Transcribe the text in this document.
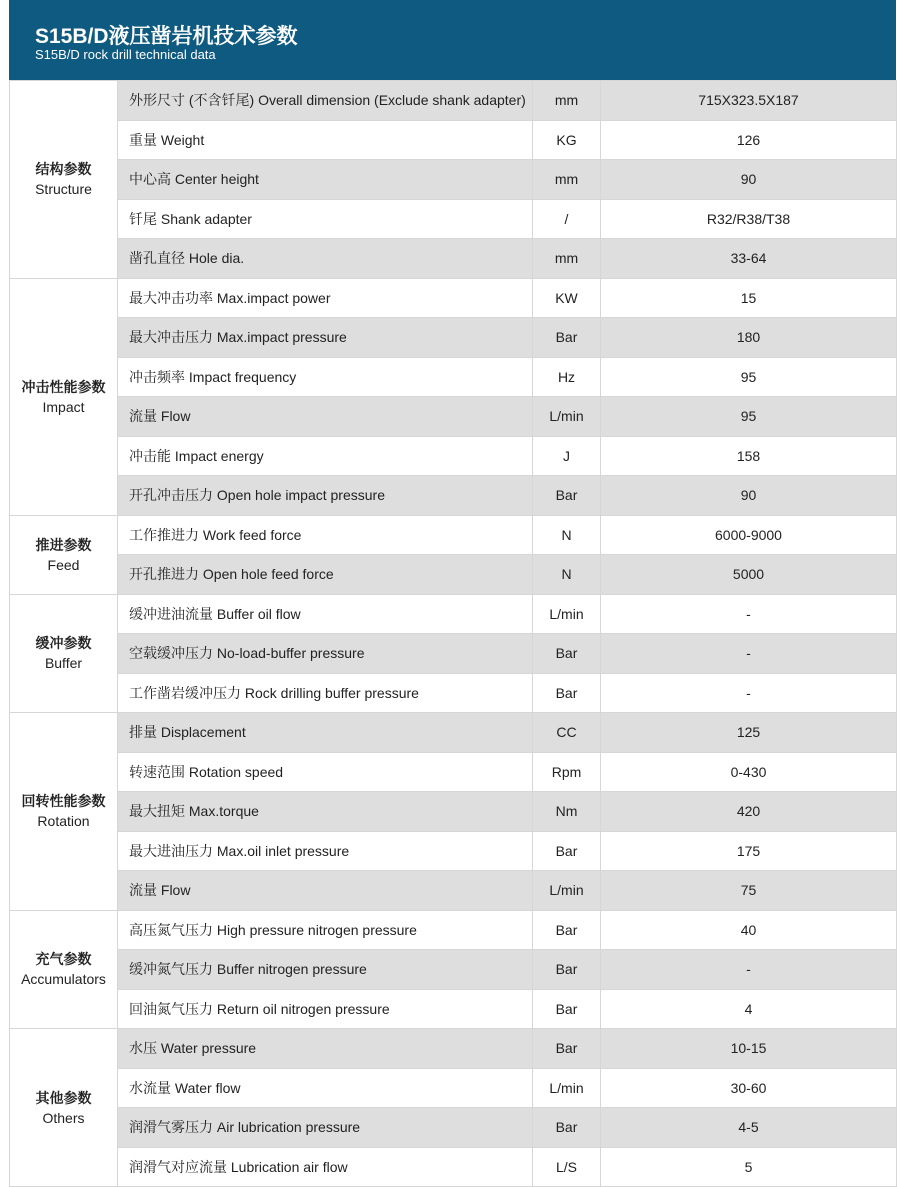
S15B/D液压凿岩机技术参数
S15B/D rock drill technical data
结构参数
Structure	外形尺寸 (不含钎尾) Overall dimension (Exclude shank adapter)	mm	715X323.5X187
	重量 Weight	KG	126
	中心高 Center height	mm	90
	钎尾 Shank adapter	/	R32/R38/T38
	凿孔直径 Hole dia.	mm	33-64

冲击性能参数
Impact	最大冲击功率 Max.impact power	KW	15
	最大冲击压力 Max.impact pressure	Bar	180
	冲击频率 Impact frequency	Hz	95
	流量 Flow	L/min	95
	冲击能 Impact energy	J	158
	开孔冲击压力 Open hole impact pressure	Bar	90

推进参数
Feed	工作推进力 Work feed force	N	6000-9000
	开孔推进力 Open hole feed force	N	5000

缓冲参数
Buffer	缓冲进油流量 Buffer oil flow	L/min	-
	空载缓冲压力 No-load-buffer pressure	Bar	-
	工作凿岩缓冲压力 Rock drilling buffer pressure	Bar	-

回转性能参数
Rotation	排量 Displacement	CC	125
	转速范围 Rotation speed	Rpm	0-430
	最大扭矩 Max.torque	Nm	420
	最大进油压力 Max.oil inlet pressure	Bar	175
	流量 Flow	L/min	75

充气参数
Accumulators	高压氮气压力 High pressure nitrogen pressure	Bar	40
	缓冲氮气压力 Buffer nitrogen pressure	Bar	-
	回油氮气压力 Return oil nitrogen pressure	Bar	4

其他参数
Others	水压 Water pressure	Bar	10-15
	水流量 Water flow	L/min	30-60
	润滑气雾压力 Air lubrication pressure	Bar	4-5
	润滑气对应流量 Lubrication air flow	L/S	5
